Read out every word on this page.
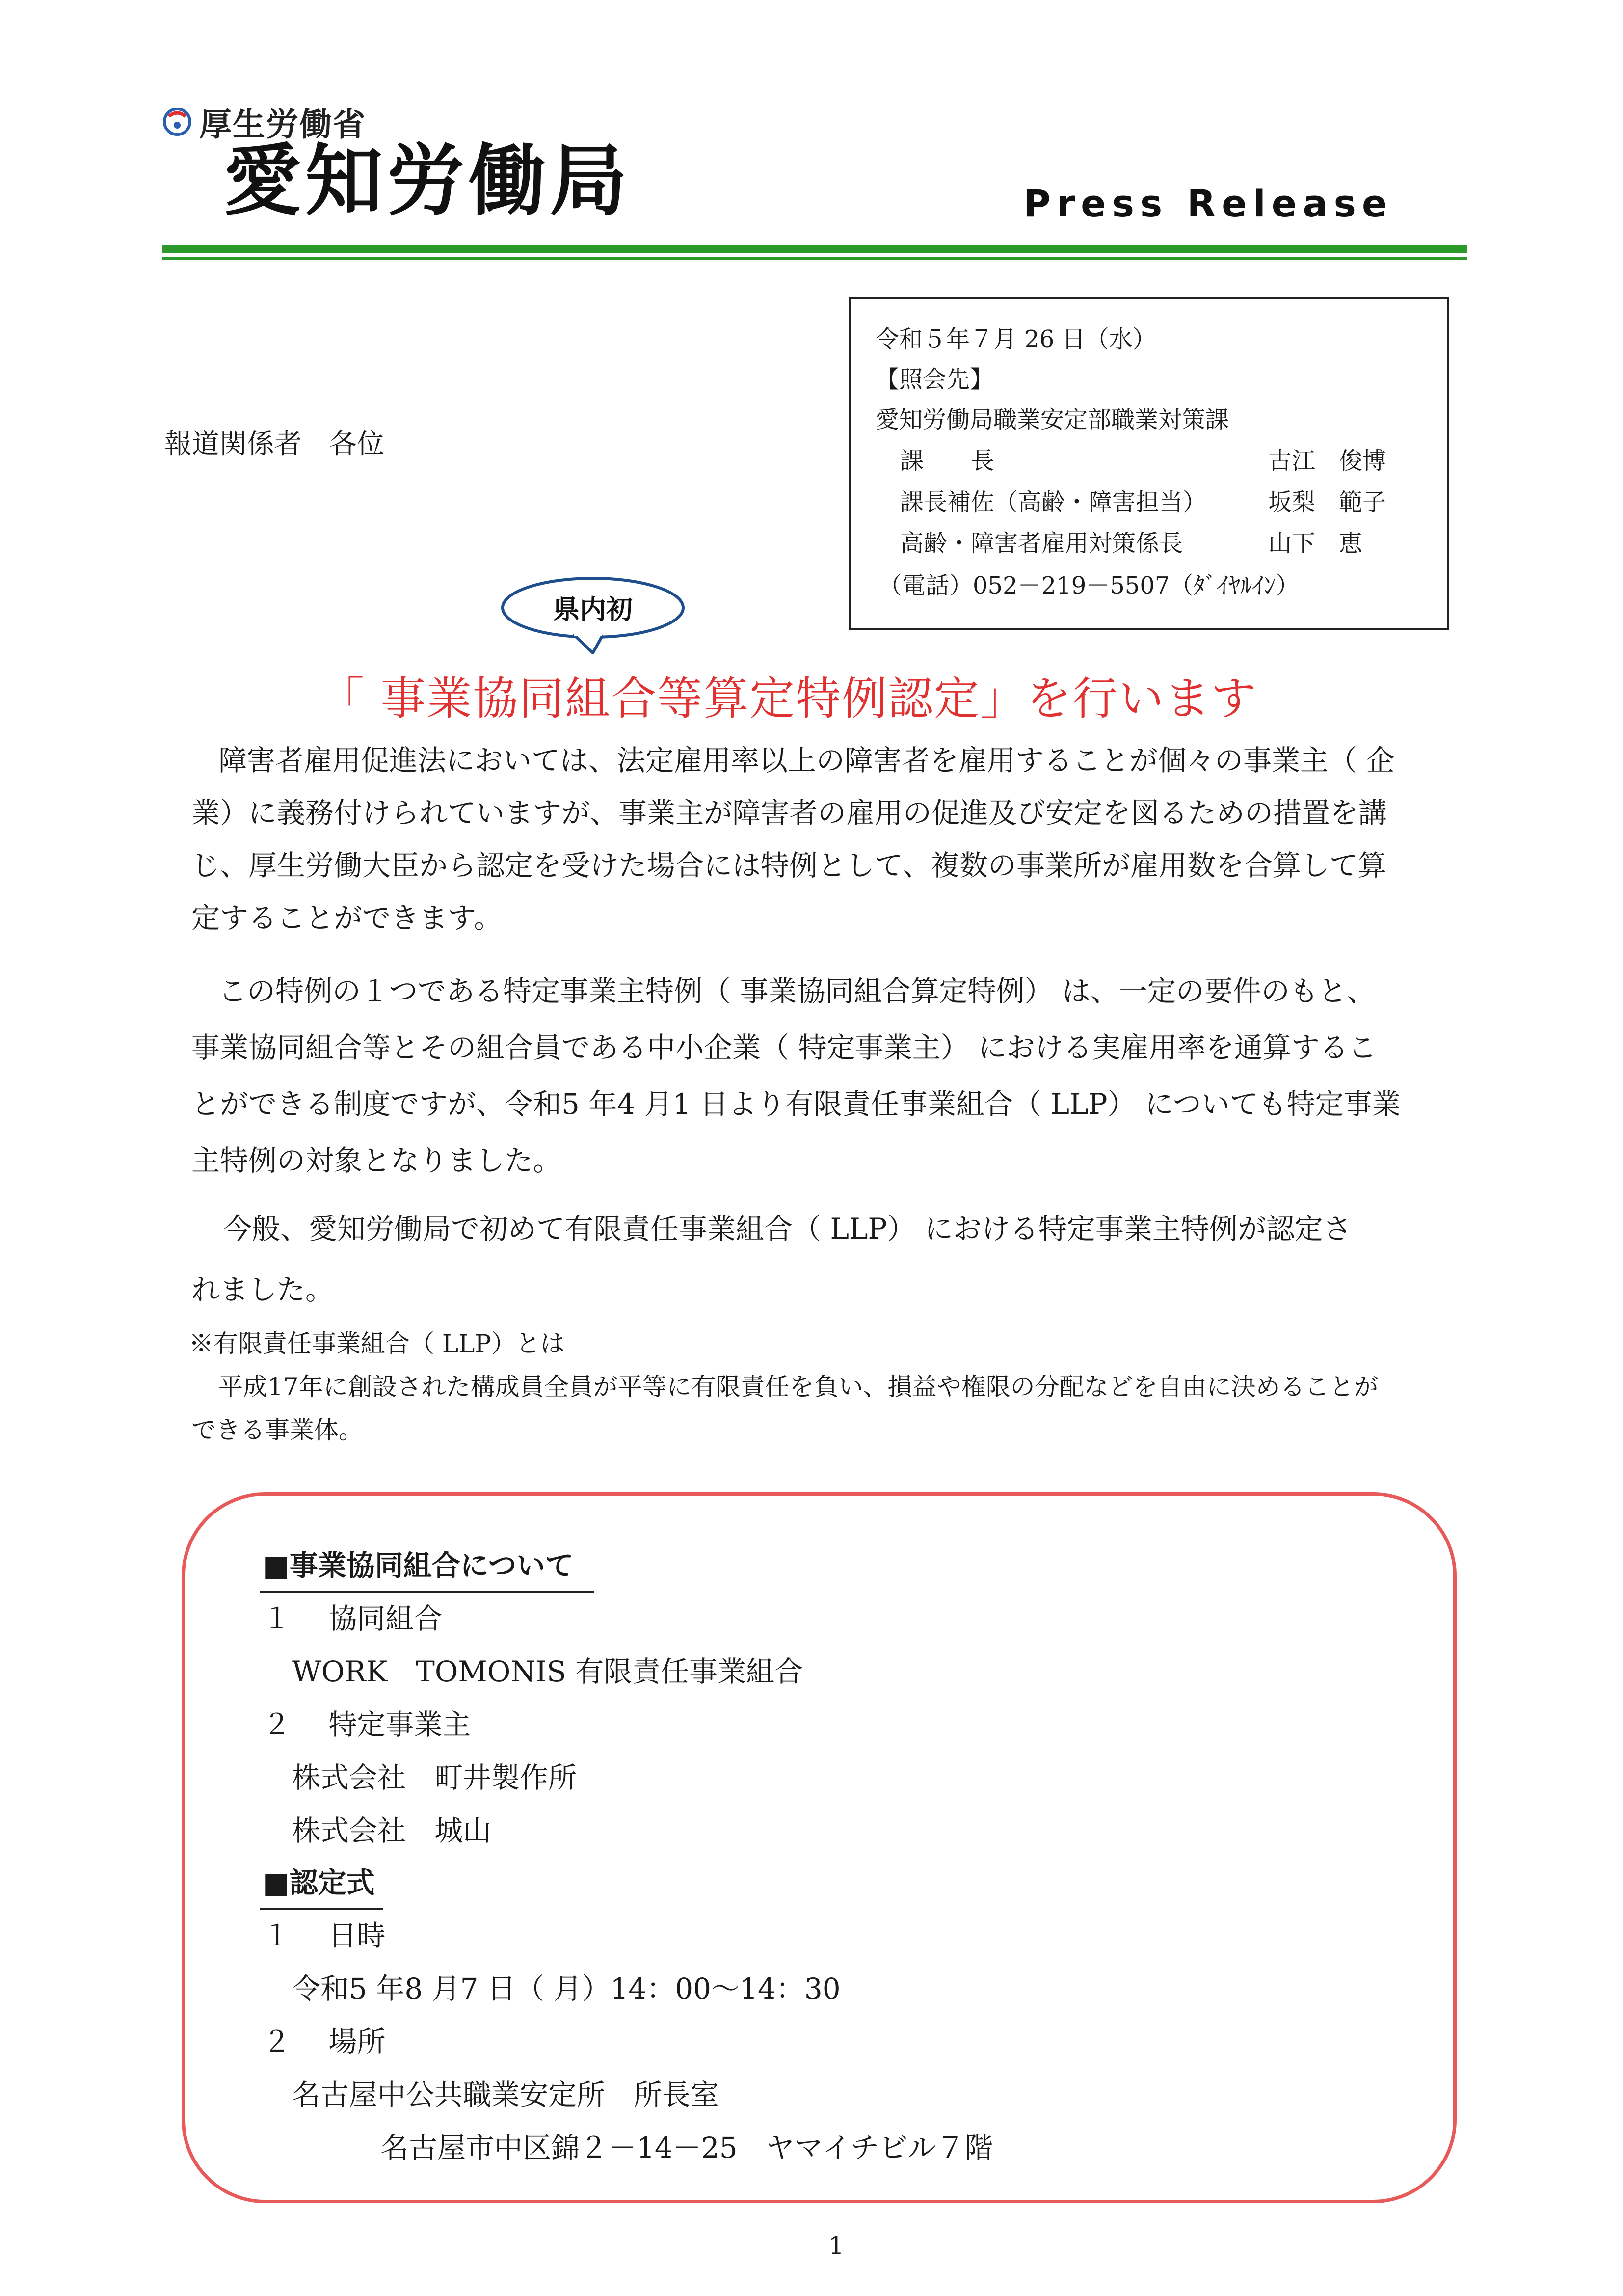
厚生労働省
愛知労働局	Press Release
令和５年７月 26 日（水）
【照会先】
愛知労働局職業安定部職業対策課
課　　長	古江　俊博
課長補佐（高齢・障害担当）	坂梨　範子
高齢・障害者雇用対策係長	山下　恵
（電話）052－219－5507（ﾀﾞｲﾔﾙｲﾝ）
報道関係者　各位
県内初
「 事業協同組合等算定特例認定」を行います
障害者雇用促進法においては、法定雇用率以上の障害者を雇用することが個々の事業主（ 企
業）に義務付けられていますが、事業主が障害者の雇用の促進及び安定を図るための措置を講
じ、厚生労働大臣から認定を受けた場合には特例として、複数の事業所が雇用数を合算して算
定することができます。
この特例の１つである特定事業主特例（ 事業協同組合算定特例） は、一定の要件のもと、
事業協同組合等とその組合員である中小企業（ 特定事業主） における実雇用率を通算するこ
とができる制度ですが、令和5 年4 月1 日より有限責任事業組合（ LLP） についても特定事業
主特例の対象となりました。
今般、愛知労働局で初めて有限責任事業組合（ LLP） における特定事業主特例が認定さ
れました。
※有限責任事業組合（ LLP）とは
平成17年に創設された構成員全員が平等に有限責任を負い、損益や権限の分配などを自由に決めることが
できる事業体。
■事業協同組合について
１　 協同組合
WORK　TOMONIS 有限責任事業組合
２　 特定事業主
株式会社　町井製作所
株式会社　城山
■認定式
１　 日時
令和5 年8 月7 日（ 月）14：00～14：30
２　 場所
名古屋中公共職業安定所　所長室
名古屋市中区錦２－14－25　ヤマイチビル７階
1
